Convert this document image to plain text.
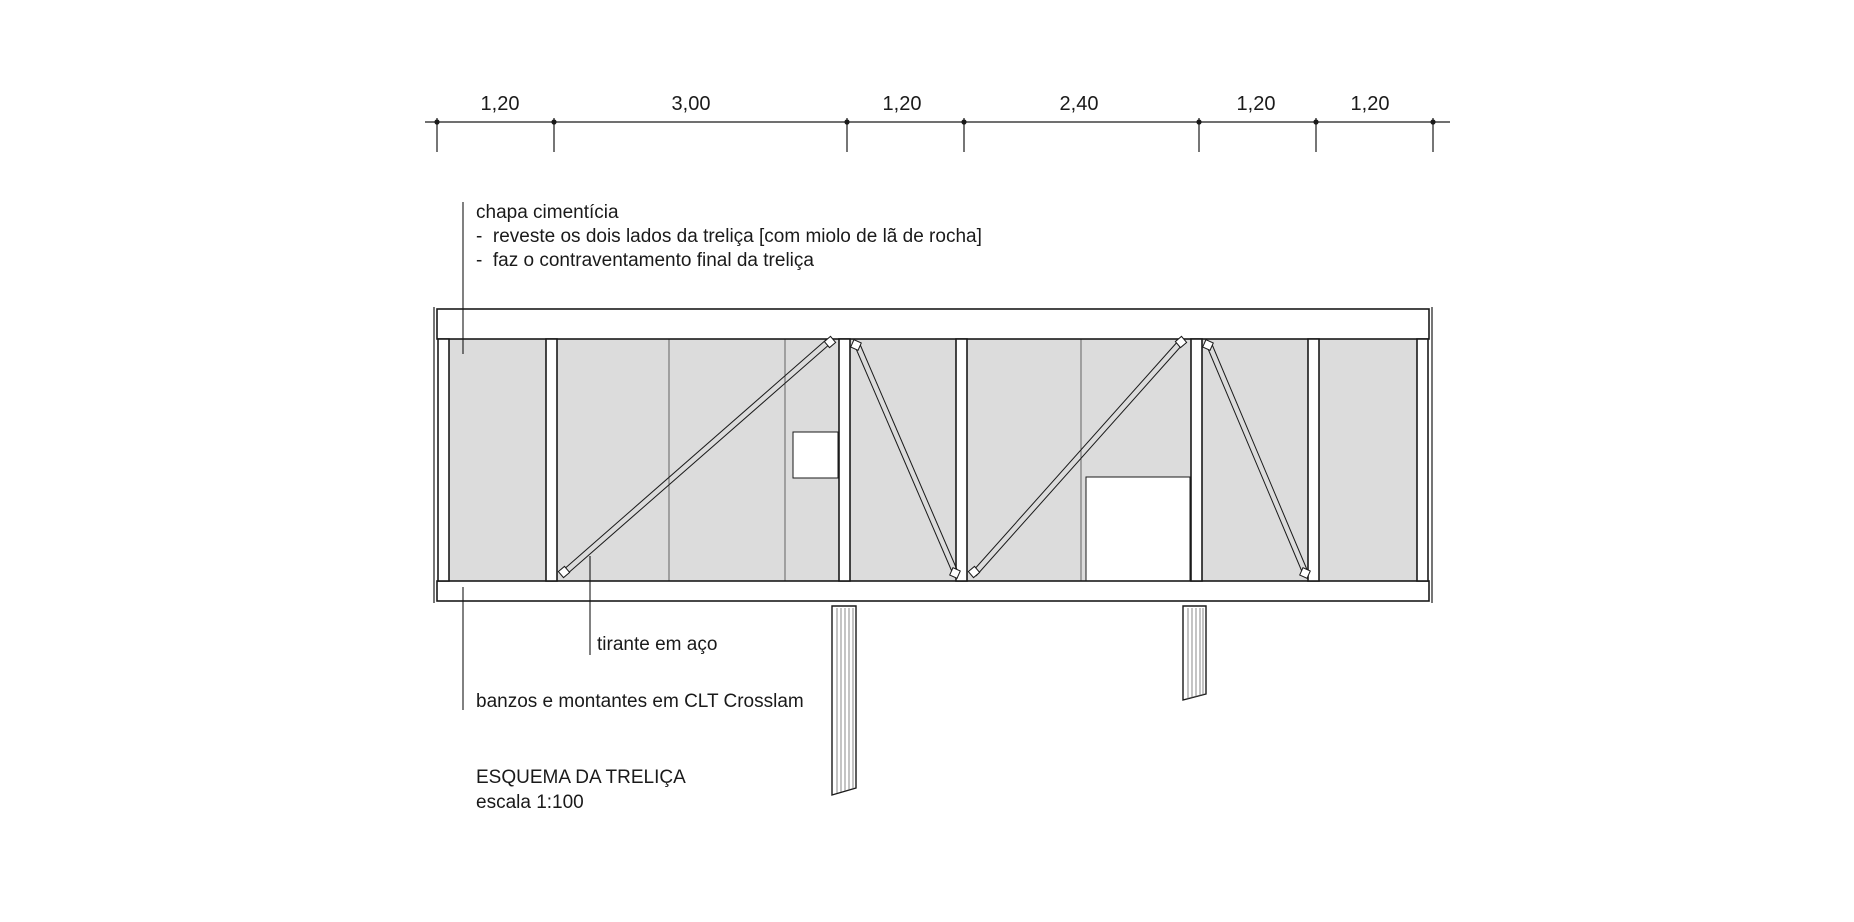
1,20	3,00	1,20	2,40	1,20	1,20
chapa cimentícia
-  reveste os dois lados da treliça [com miolo de lã de rocha]
-  faz o contraventamento final da treliça
tirante em aço
banzos e montantes em CLT Crosslam
ESQUEMA DA TRELIÇA
escala 1:100
